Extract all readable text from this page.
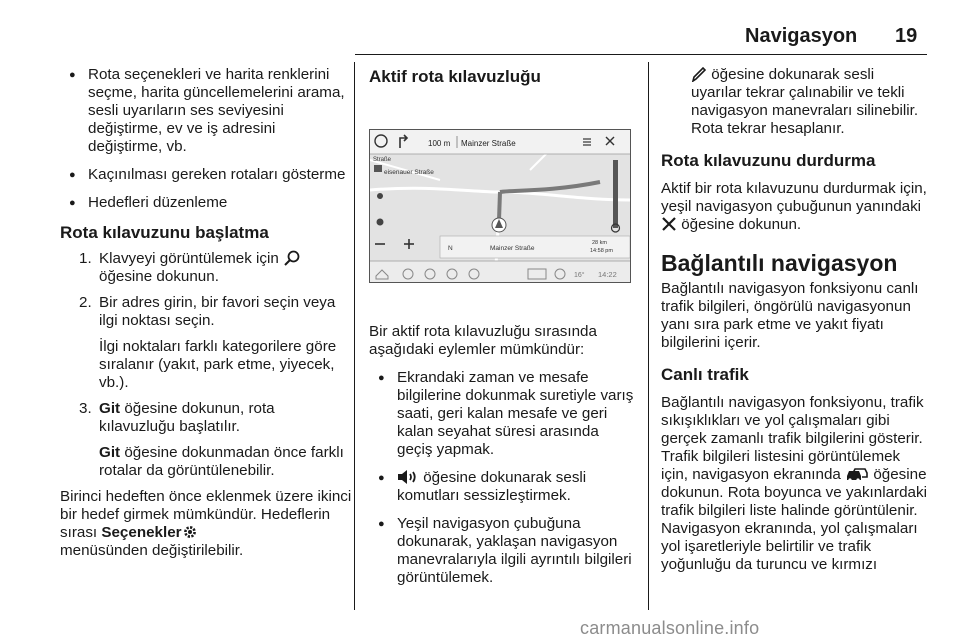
Navigasyon 19

● Rota seçenekleri ve harita renklerini seçme, harita güncellemelerini arama, sesli uyarıların ses seviyesini değiştirme, ev ve iş adresini değiştirme, vb.

● Kaçınılması gereken rotaları gösterme

● Hedefleri düzenleme

Rota kılavuzunu başlatma

1. Klavyeyi görüntülemek için  öğesine dokunun.

2. Bir adres girin, bir favori seçin veya ilgi noktası seçin.

İlgi noktaları farklı kategorilere göre sıralanır (yakıt, park etme, yiyecek, vb.).

3. Git öğesine dokunun, rota kılavuzluğu başlatılır.

Git öğesine dokunmadan önce farklı rotalar da görüntülenebilir.

Birinci hedeften önce eklenmek üzere ikinci bir hedef girmek mümkündür. Hedeflerin sırası Seçenekler
menüsünden değiştirilebilir.

Aktif rota kılavuzluğu
100 m Mainzer Straße
Straße
eisenauer Straße
N	Mainzer Straße
28 km
14:58 pm
16° 14:22

Bir aktif rota kılavuzluğu sırasında aşağıdaki eylemler mümkündür:

● Ekrandaki zaman ve mesafe bilgilerine dokunmak suretiyle varış saati, geri kalan mesafe ve geri kalan seyahat süresi arasında geçiş yapmak.

● öğesine dokunarak sesli komutları sessizleştirmek.

● Yeşil navigasyon çubuğuna dokunarak, yaklaşan navigasyon manevralarıyla ilgili ayrıntılı bilgileri görüntülemek.

öğesine dokunarak sesli uyarılar tekrar çalınabilir ve tekli navigasyon manevraları silinebilir. Rota tekrar hesaplanır.

Rota kılavuzunu durdurma

Aktif bir rota kılavuzunu durdurmak için, yeşil navigasyon çubuğunun yanındaki  öğesine dokunun.

Bağlantılı navigasyon

Bağlantılı navigasyon fonksiyonu canlı trafik bilgileri, öngörülü navigasyonun yanı sıra park etme ve yakıt fiyatı bilgilerini içerir.

Canlı trafik

Bağlantılı navigasyon fonksiyonu, trafik sıkışıklıkları ve yol çalışmaları gibi gerçek zamanlı trafik bilgilerini gösterir. Trafik bilgileri listesini görüntülemek için, navigasyon ekranında öğesine dokunun. Rota boyunca ve yakınlardaki trafik bilgileri liste halinde görüntülenir. Navigasyon ekranında, yol çalışmaları yol işaretleriyle belirtilir ve trafik yoğunluğu da turuncu ve kırmızı

carmanualsonline.info
